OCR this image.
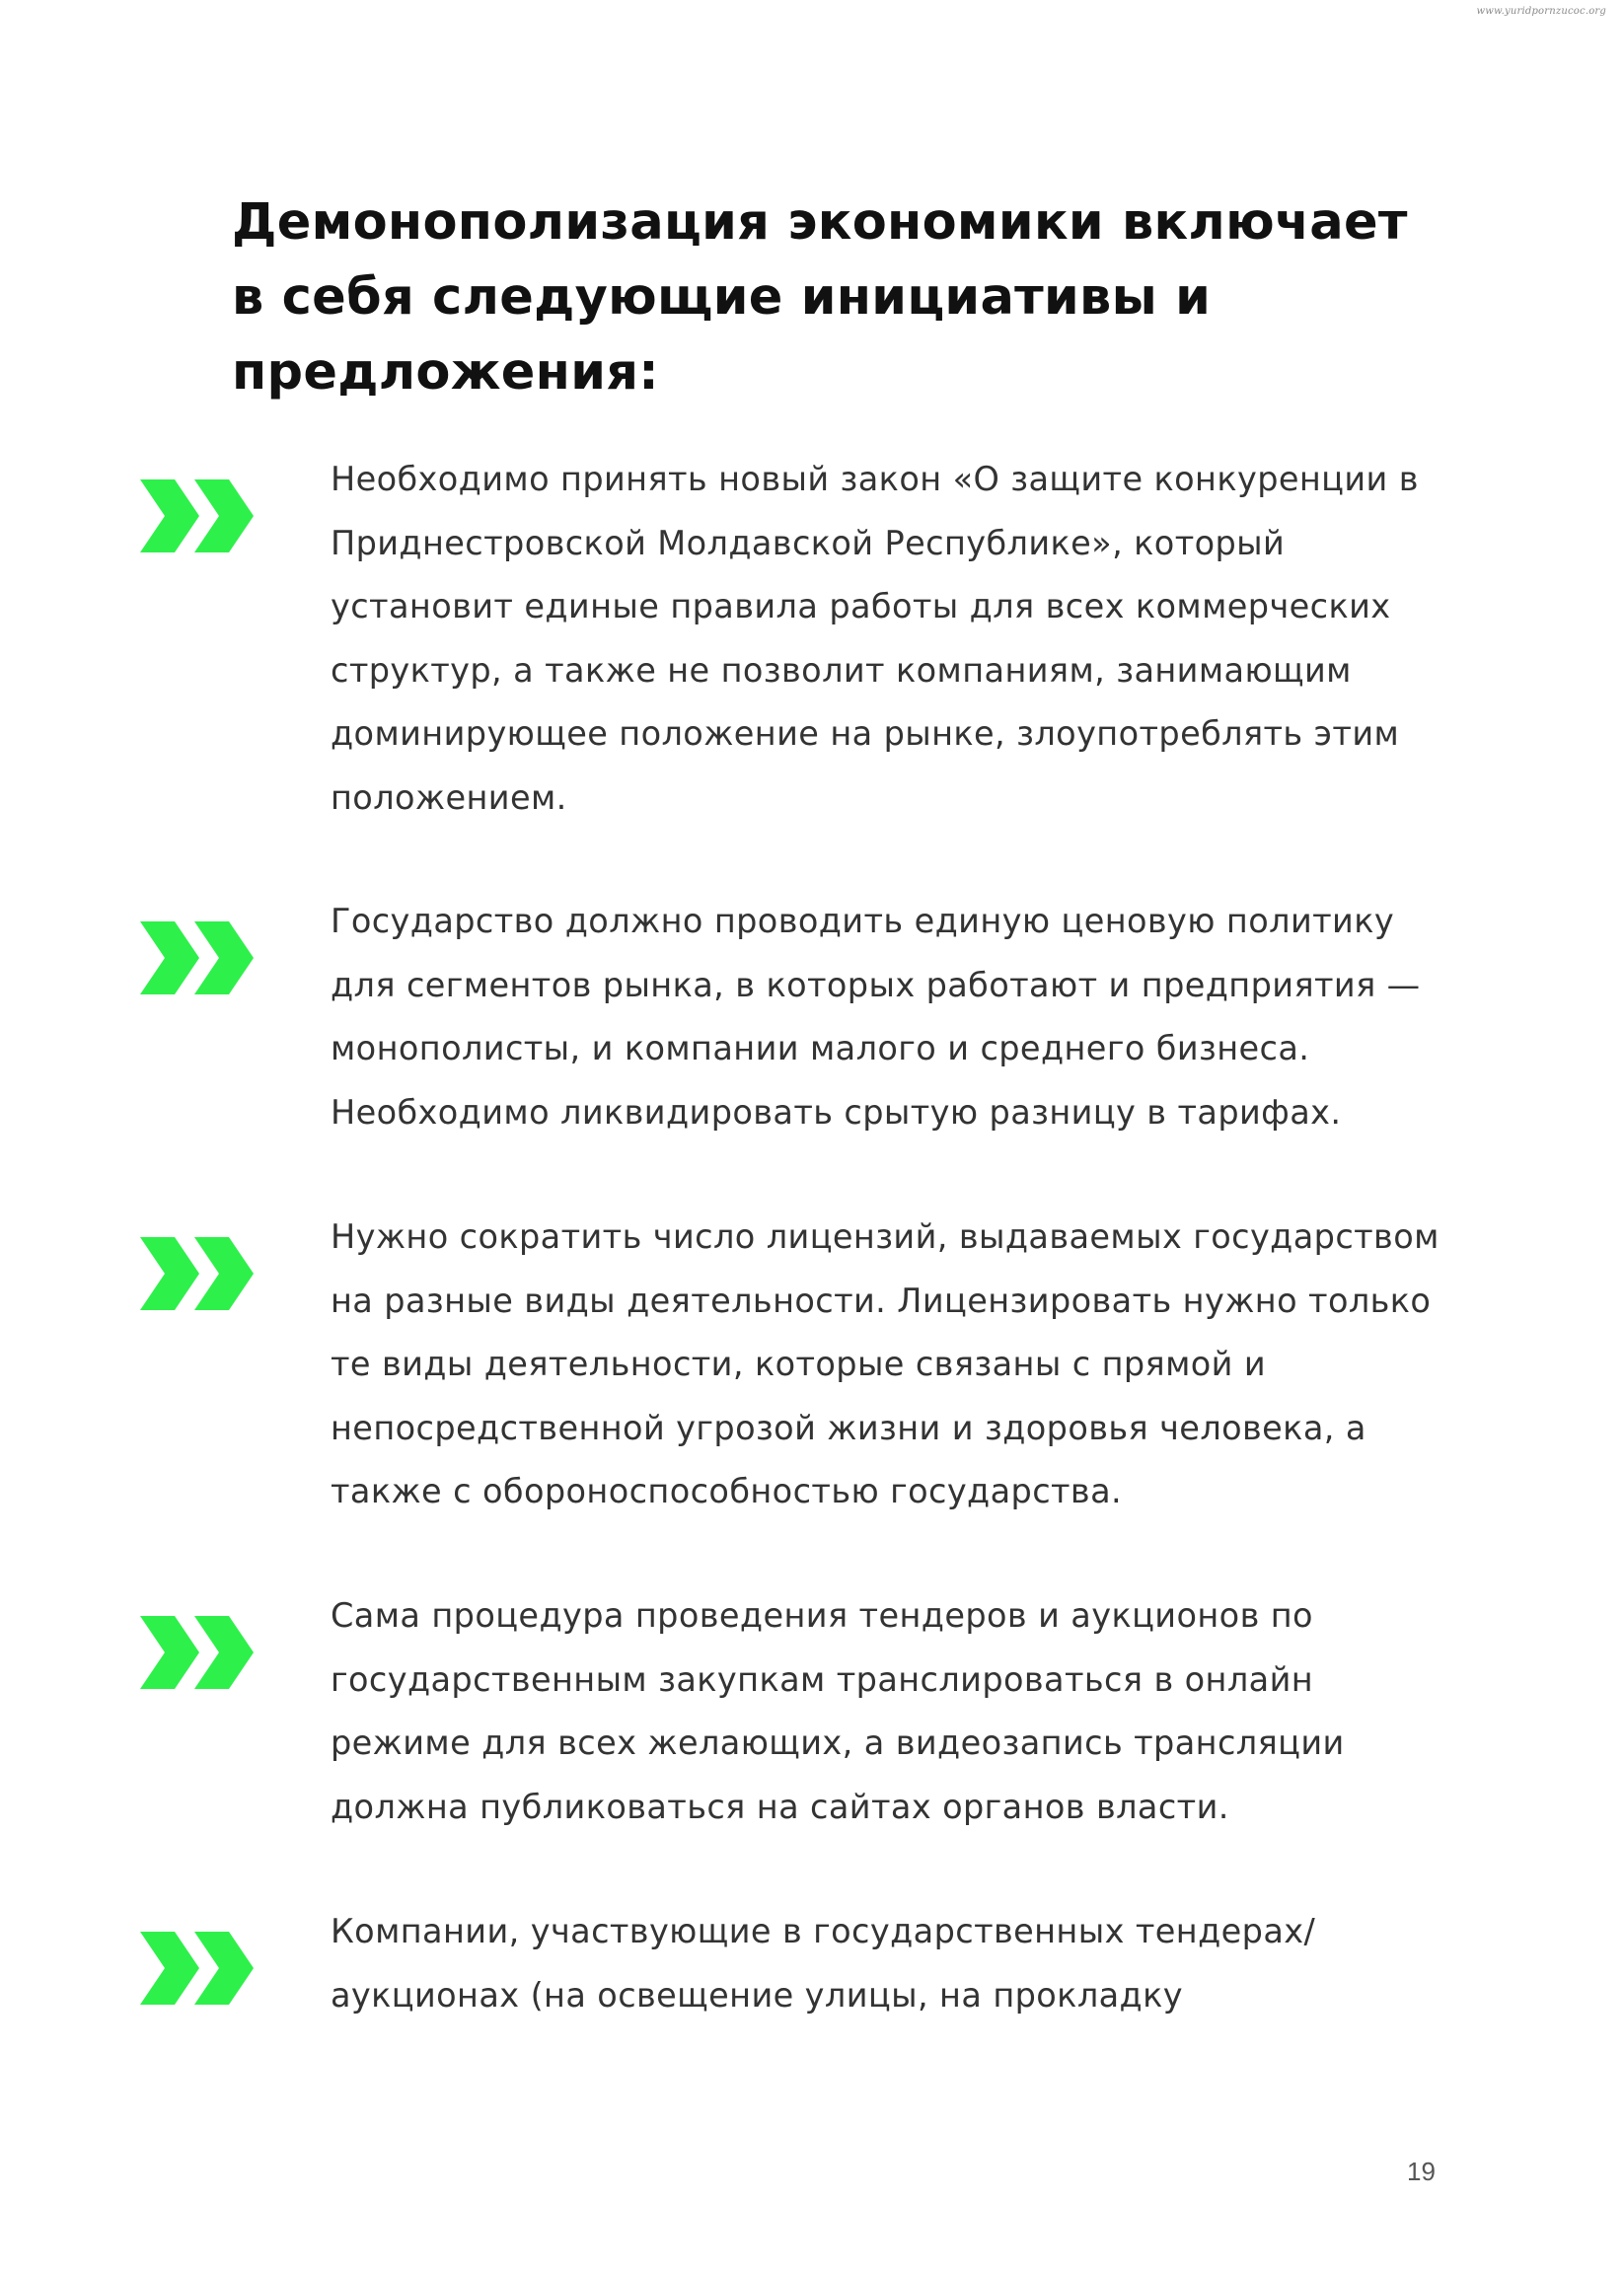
www.yuridpornzucoc.org
Демонополизация экономики включает в себя следующие инициативы и предложения:

Необходимо принять новый закон «О защите конкуренции в Приднестровской Молдавской Республике», который установит единые правила работы для всех коммерческих структур, а также не позволит компаниям, занимающим доминирующее положение на рынке, злоупотреблять этим положением.

Государство должно проводить единую ценовую политику для сегментов рынка, в которых работают и предприятия — монополисты, и компании малого и среднего бизнеса. Необходимо ликвидировать срытую разницу в тарифах.

Нужно сократить число лицензий, выдаваемых государством на разные виды деятельности. Лицензировать нужно только те виды деятельности, которые связаны с прямой и непосредственной угрозой жизни и здоровья человека, а также с обороноспособностью государства.

Сама процедура проведения тендеров и аукционов по государственным закупкам транслироваться в онлайн режиме для всех желающих, а видеозапись трансляции должна публиковаться на сайтах органов власти.

Компании, участвующие в государственных тендерах/аукционах (на освещение улицы, на прокладку

19
